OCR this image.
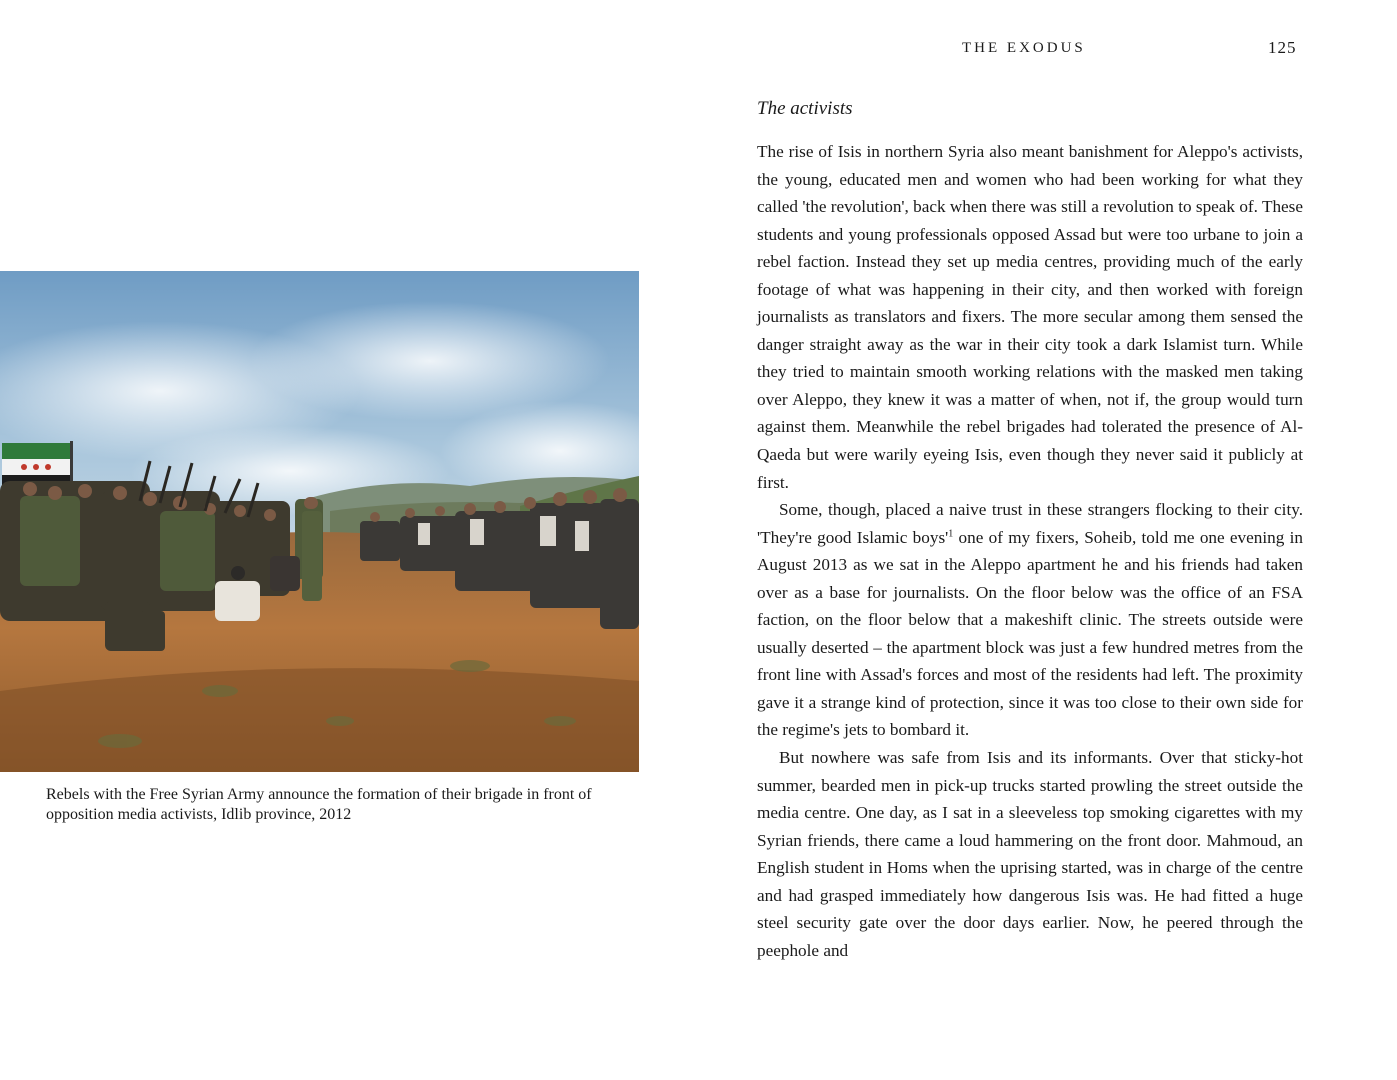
THE EXODUS	125
Rebels with the Free Syrian Army announce the formation of their brigade in front of opposition media activists, Idlib province, 2012
The activists

The rise of Isis in northern Syria also meant banishment for Aleppo's activists, the young, educated men and women who had been working for what they called 'the revolution', back when there was still a revolution to speak of. These students and young professionals opposed Assad but were too urbane to join a rebel faction. Instead they set up media centres, providing much of the early footage of what was happening in their city, and then worked with foreign journalists as translators and fixers. The more secular among them sensed the danger straight away as the war in their city took a dark Islamist turn. While they tried to maintain smooth working relations with the masked men taking over Aleppo, they knew it was a matter of when, not if, the group would turn against them. Meanwhile the rebel brigades had tolerated the presence of Al-Qaeda but were warily eyeing Isis, even though they never said it publicly at first.

Some, though, placed a naive trust in these strangers flocking to their city. 'They're good Islamic $boys'^1$ one of my fixers, Soheib, told me one evening in August 2013 as we sat in the Aleppo apartment he and his friends had taken over as a base for journalists. On the floor below was the office of an FSA faction, on the floor below that a makeshift clinic. The streets outside were usually deserted – the apartment block was just a few hundred metres from the front line with Assad's forces and most of the residents had left. The proximity gave it a strange kind of protection, since it was too close to their own side for the regime's jets to bombard it.

But nowhere was safe from Isis and its informants. Over that sticky-hot summer, bearded men in pick-up trucks started prowling the street outside the media centre. One day, as I sat in a sleeveless top smoking cigarettes with my Syrian friends, there came a loud hammering on the front door. Mahmoud, an English student in Homs when the uprising started, was in charge of the centre and had grasped immediately how dangerous Isis was. He had fitted a huge steel security gate over the door days earlier. Now, he peered through the peephole and
